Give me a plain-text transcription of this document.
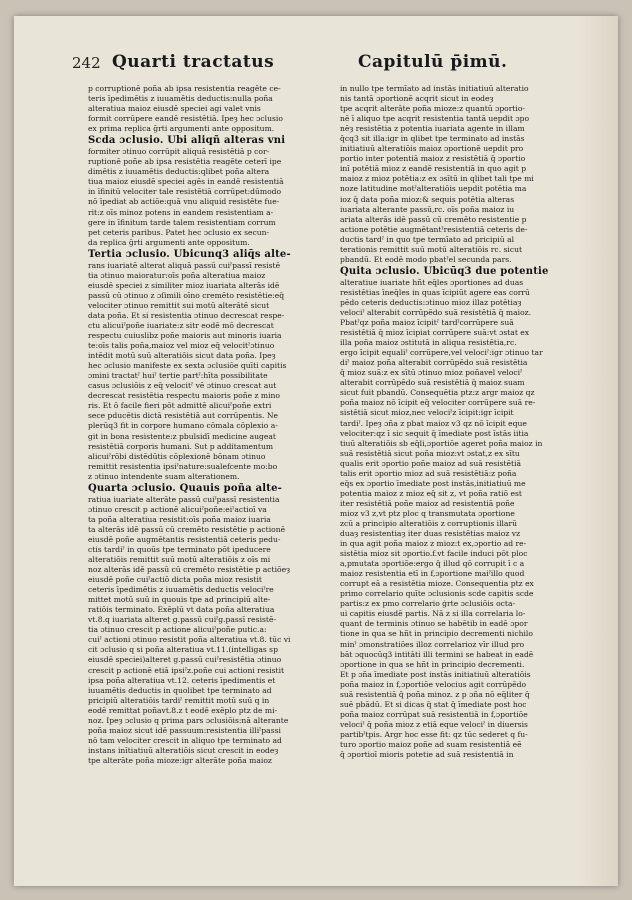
242 Quarti tractatus	Capitulū p̄imū.
p corruptionē poña ab ipsa resistentia reagēte ce-
teris īpedimētis z iuuamētis deductis:nulla poña
alteratiua maioz eiusdē speciei agi valet vnis
formit corrūpere eandē resistētiā. Ipeȝ hec ɔclusio
ex prima replica ḡrti argumenti ante oppositum.
Scda ɔclusio. Ubi aliqñ alteras vni
formiter ɔtinuo corrūpit aliquā resistētiā p cor-
ruptionē poñe ab ipsa resistētia reagēte ceterī ipe
dimētis z iuuamētis deductis:qlibet poña altera
tiua maioz eiusdē speciei agēs in eandē resistentiā
in īfinitū velociter tale resistētiā corrūpet:dūmodo
nō īpediat ab actiōe:quā vnu aliquid resistēte fue-
rit:z oīs minoz potens in eandem resistentiam a-
gere in īfinitum tarde talem resistentiam corrum
pet ceteris paribus. Patet hec ɔclusio ex secun-
da replica ḡrti argumenti ante oppositum.
Tertia ɔclusio. Ubicunq3 aliq̄s alte-
rans iuariatē alterat aliquā passū cuiˀpassī resistē
tia ɔtinuo maioratur:oīs poña alteratiua maioz
eiusdē speciei z similiter mioz iuariata alterās idē
passū cū ɔtinuo z ɔſimili oīno cremēto resistētie:eq̄
velociter ɔtinuo remittit sui motū alterātē sicut
data poña. Et si resistentia ɔtinuo decrescat respe-
ctu alicuiˀpoñe iuariate:z sitr eodē mō decrescat
respectu cuiuslibz poñe maioris aut minoris iuaria
te:oīs talis poña,maioz vel mioz eq̄ velocitˀɔtinuo
intēdit motū suū alteratiōis sicut data poña. Ipeȝ
hec ɔclusio manifeste ex sexta ɔclusiōe quīti capitis
ɔmini tractatˀ huiˀ tertie partˀ:hīta possibilitate
casus ɔclusiōis z eq̄ velocitˀ vē ɔtinuo crescat aut
decrescat resistētia respectu maioris poñe z mino
ris. Et ō facile fieri pōt admittē alicuiˀpoñe extri
sece pducētis dictā resistētiā aut corrūpentis. Ne
plerūq3 fit in corpore humano cōmala cōplexio a-
git in bona resistente:z pbulsidī medicine augeat
resistētiā corporis humani. Sut p additamentum
alicuiˀrōbi distēdūtis cōplexionē bōnam ɔtinuo
remittit resistentia ipsiˀnature:sualefcente mo:bo
z ɔtinuo intendente suam alterationem.
Quarta ɔclusio. Quauis poña alte-
ratiua iuariate alterāte passū cuiˀpassī resistentia
ɔtinuo crescit p actionē alicuiˀpoñe:eiˀactioī va
ta poña alteratiua resistit:oīs poña maioz iuaria
ta alterās idē passū cū cremēto resistētie p actionē
eiusdē poñe augmētantis resistentiā ceteris pedu-
ctis tardiˀ in quoūs tpe terminato pōt ipeducere
alteratiōis remittit suū motū alteratiōis z oīs mi
noz alterās idē passū cū cremēto resistētie p actiōeȝ
eiusdē poñe cuiˀactiō dicta poña mioz resistit
ceteris īpedimētis z iuuamētis deductis velociˀre
mittet motū suū in quouis tpe ad principiū alte-
ratiōis terminato. Exēplū vt data poña alteratiua
vt.8.q iuariata alteret g.passū cuiˀg.passī resistē-
tia ɔtinuo crescit p actione alicuiˀpoñe putic.a:
cuiˀ actioni ɔtinuo resistit poña alteratiua vt.8. tūc vi
cit ɔclusio q si poña alteratiua vt.11.(intelligas sp
eiusdē speciei)alteret g.passū cuiˀresistētia ɔtinuo
crescit p actionē etiā ipsiˀz.poñe cui actioni resistit
ipsa poña alteratiua vt.12. ceteris īpedimentis et
iuuamētis deductis in quolibet tpe terminato ad
pricipiū alteratiōis tardiˀ remittit motū suū q in
eodē remittat poñavt.8.z t eodē exēplo ptz de mi-
noz. Ipeȝ ɔclusio q prima pars ɔclusiōis:nā alterante
poña maioz sicut idē passuum:resistentia illiˀpassi
nō tam velociter crescit in aliquo tpe terminato ad
instans inītiatiuū alteratiōis sicut crescit in eodeȝ
tpe alterāte poña mioze:igr alterāte poña maioz
in nullo tpe termīato ad instās initiatiuū alteratio
nis tantā ɔportionē acqrit sicut in eodeȝ
tpe acqrit alterāte poña mioze:z quantū ɔportio-
nē ī aliquo tpe acqrit resistentia tantā uepdit ɔpo
nēȝ resistētia z potentia iuariata agente in illam
q̄cq3 sit illa:igr in qlibet tpe terminato ad instās
initiatiuū alteratiōis maioz ɔportionē uepdit pro
portio inter potentiā maioz z resistētiā q̄ ɔportio
inī potētiā mioz z eandē resistentiā in quo agit p
maioz z mioz potētia:z ex ɔsītū in qlibet tali tpe mi
noze latitudine motˀalteratiōis uepdit potētia ma
ioz q̄ data poña mioz:& sequis potētia alteras
iuariata alterante passū,rc. oīs poña maioz iu
ariata alterās idē passū cū cremēto resistentie p
actione potētie augmētantˀresistentiā ceteris de-
ductis tardˀ in quo tpe termīato ad pricipiū al
terationis remittit suū motū alteratiōis rc. sicut
pbandū. Et eodē modo pbatˀel secunda pars.
Quita ɔclusio. Ubicūq3 due potentie
alteratiue iuariate hñt eq̄les ɔportiones ad duas
resistētias īneq̄les in quas īcipiūt agere eas corrū
pēdo ceteris deductis:ɔtinuo mioz illaz potētiaȝ
velociˀ alterabit corrūpēdo suā resistētiā q̄ maioz.
Pbatˀqz poña maioz īcipitˀ tardˀcorrūpere suā
resistētiā q̄ mioz īcipiat corrūpere suā:vt ɔstat ex
illa poña maioz ɔstitutā in aliqua resistētia,rc.
ergo īcipit equaliˀ corrūpere,vel velociˀ:igr ɔtinuo tar
diˀ maioz poña alterabit corrūpēdo suā resistētia
q̄ mioz suā:z ex sītū ɔtinuo mioz poñavel velociˀ
alterabit corrūpēdo suā resistētiā q̄ maioz suam
sicut fuit pbandū. Consequētia ptz:z argr maioz qz
poña maioz nō īcipit eq̄ velociter corrūpere suā re-
sistētiā sicut mioz,nec velociˀz īcipit:igr īcipit
tardiˀ. Ipeȝ ɔña z pbat maioz v3 qz nō īcipit eque
velociter:qz ī sic sequit q̄ īmediate post īstās iitia
tiuū alteratiōis sb eq̄li,ɔportiōe ageret poña maioz in
suā resistētiā sicut poña mioz:vt ɔstat,z ex sītu
qualis erit ɔportio poñe maioz ad suā resistētiā
talis erit ɔportio mioz ad suā resistētiā:z poña
eq̄s ex ɔportio īmediate post instās,initiatiuū me
potentia maioz z mioz eq̄ sit z, vt poña ratiō est
iter resistētiā poñe maioz ad resistentiā poñe
mioz v3 z,vt ptz ploc q transmutata ɔportione
zcū a principio alteratiōis z corruptionis illarū
duaȝ resistentiaȝ iter duas resistētias maioz vz
in qua agit poña maioz z mioz:t ex,ɔportio ad re-
sistētia mioz sit ɔportio.f.vt facile induci pōt ploc
a,pmutata ɔportiōe:ergo q̄ illud qō corrupit ī c a
maioz resistentia etī in f,ɔportione maiˀillo quod
corrupt eā a resistētia mioze. Consequentia ptz ex
primo correlario quīte ɔclusionis scde capitis scde
partis:z ex pmo correlario ġrte ɔclusiōis octa-
ui capitis eiusdē partis. Nā z si illa correlaria lo-
quant de terminis ɔtinuo se habētib in eadē ɔpor
tione in qua se hñt in principio decrementi nichilo
minˀ ɔmonstratiōes illoz correlarioz vīr illud pro
bāt ɔquocūq3 intitāti illi termini se habeat in eadē
ɔportione in qua se hñt in principio decrementi.
Et p ɔña īmediate post instās initiatiuū alteratiōis
poña maioz in f,ɔportiōe velocius agit corrūpēdo
suā resistentiā q̄ poña minoz. z p ɔña nō eq̄liter q̄
suē pbādū. Et si dicas q̄ stat q̄ īmediate post hoc
poña maioz corrūpat suā resistentiā in f,ɔportiōe
velociˀ q̄ poña mioz z etiā eque velociˀ in diuersis
partibˀtpis. Argr hoc esse fit: qz tūc sederet q fu-
turo ɔportio maioz poñe ad suam resistentiā eē
q̄ ɔportioī mioris potetie ad suā resistentiā in
